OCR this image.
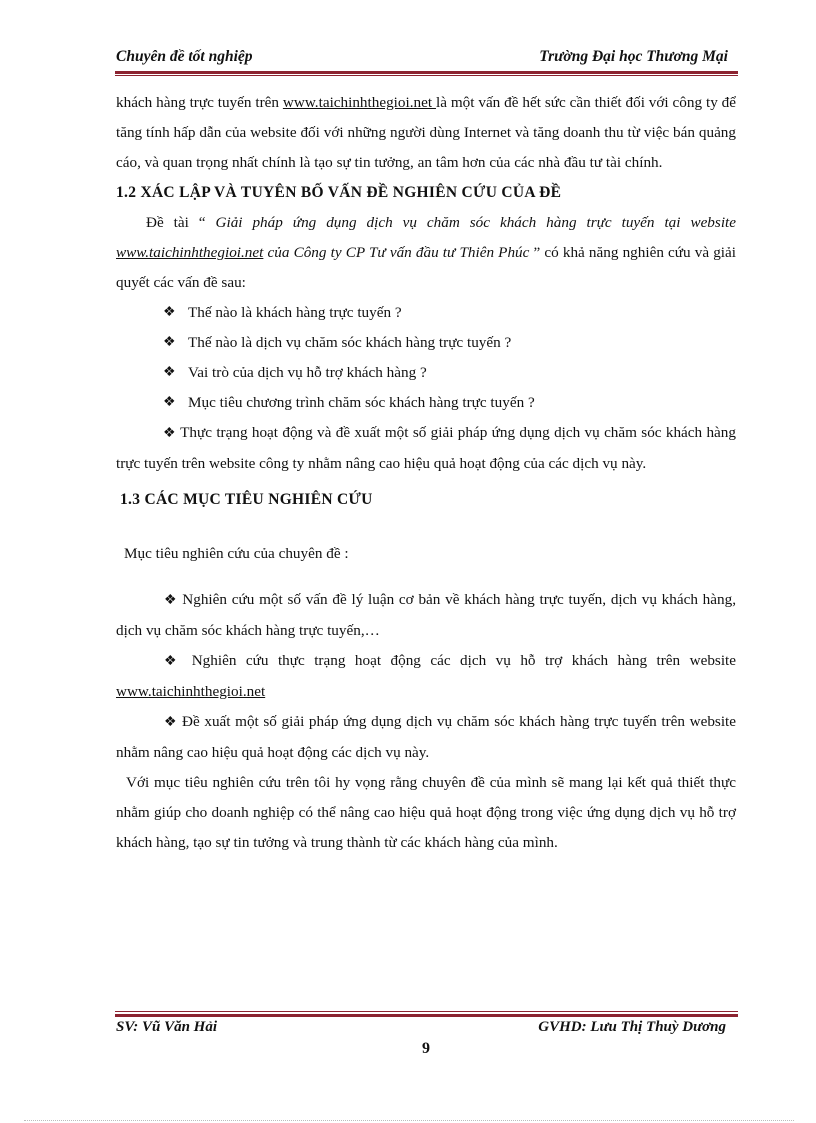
Chuyên đề tốt nghiệp	Trường Đại học Thương Mại

khách hàng trực tuyến trên www.taichinhthegioi.net là một vấn đề hết sức cần thiết đối với công ty để tăng tính hấp dẫn của website đối với những người dùng Internet và tăng doanh thu từ việc bán quảng cáo, và quan trọng nhất chính là tạo sự tin tưởng, an tâm hơn của các nhà đầu tư tài chính.

1.2 XÁC LẬP VÀ TUYÊN BỐ VẤN ĐỀ NGHIÊN CỨU CỦA ĐỀ

Đề tài “ Giải pháp ứng dụng dịch vụ chăm sóc khách hàng trực tuyến tại website www.taichinhthegioi.net của Công ty CP Tư vấn đầu tư Thiên Phúc ” có khả năng nghiên cứu và giải quyết các vấn đề sau:

❖ Thế nào là khách hàng trực tuyến ?
❖ Thế nào là dịch vụ chăm sóc khách hàng trực tuyến ?
❖ Vai trò của dịch vụ hỗ trợ khách hàng ?
❖ Mục tiêu chương trình chăm sóc khách hàng trực tuyến ?

❖ Thực trạng hoạt động và đề xuất một số giải pháp ứng dụng dịch vụ chăm sóc khách hàng trực tuyến trên website công ty nhằm nâng cao hiệu quả hoạt động của các dịch vụ này.

1.3 CÁC MỤC TIÊU NGHIÊN CỨU

Mục tiêu nghiên cứu của chuyên đề :

❖ Nghiên cứu một số vấn đề lý luận cơ bản về khách hàng trực tuyến, dịch vụ khách hàng, dịch vụ chăm sóc khách hàng trực tuyến,…

❖ Nghiên cứu thực trạng hoạt động các dịch vụ hỗ trợ khách hàng trên website www.taichinhthegioi.net

❖ Đề xuất một số giải pháp ứng dụng dịch vụ chăm sóc khách hàng trực tuyến trên website nhằm nâng cao hiệu quả hoạt động các dịch vụ này.

Với mục tiêu nghiên cứu trên tôi hy vọng rằng chuyên đề của mình sẽ mang lại kết quả thiết thực nhằm giúp cho doanh nghiệp có thể nâng cao hiệu quả hoạt động trong việc ứng dụng dịch vụ hỗ trợ khách hàng, tạo sự tin tưởng và trung thành từ các khách hàng của mình.

SV: Vũ Văn Hải	GVHD: Lưu Thị Thuỳ Dương
9
